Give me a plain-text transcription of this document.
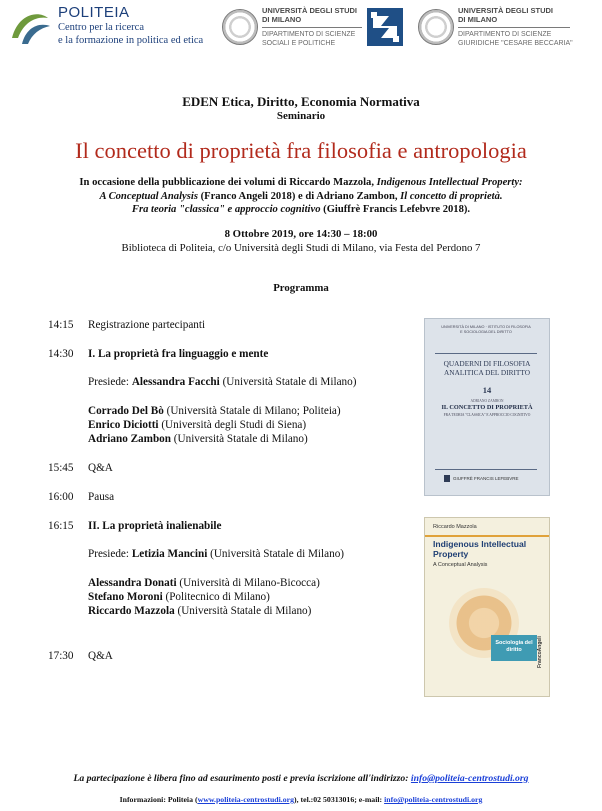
POLITEIA
Centro per la ricerca
e la formazione in politica ed etica
UNIVERSITÀ DEGLI STUDI
DI MILANO
DIPARTIMENTO DI SCIENZE
SOCIALI E POLITICHE
UNIVERSITÀ DEGLI STUDI
DI MILANO
DIPARTIMENTO DI SCIENZE
GIURIDICHE "CESARE BECCARIA"
EDEN Etica, Diritto, Economia Normativa
Seminario
Il concetto di proprietà fra filosofia e antropologia
In occasione della pubblicazione dei volumi di Riccardo Mazzola, Indigenous Intellectual Property:
A Conceptual Analysis (Franco Angeli 2018) e di Adriano Zambon, Il concetto di proprietà.
Fra teoria "classica" e approccio cognitivo (Giuffrè Francis Lefebvre 2018).
8 Ottobre 2019, ore 14:30 – 18:00
Biblioteca di Politeia, c/o Università degli Studi di Milano, via Festa del Perdono 7
Programma
14:15 Registrazione partecipanti
14:30 I. La proprietà fra linguaggio e mente
Presiede: Alessandra Facchi (Università Statale di Milano)
Corrado Del Bò (Università Statale di Milano; Politeia)
Enrico Diciotti (Università degli Studi di Siena)
Adriano Zambon (Università Statale di Milano)
15:45 Q&A
16:00 Pausa
16:15 II. La proprietà inalienabile
Presiede: Letizia Mancini (Università Statale di Milano)
Alessandra Donati (Università di Milano-Bicocca)
Stefano Moroni (Politecnico di Milano)
Riccardo Mazzola (Università Statale di Milano)
17:30 Q&A
UNIVERSITÀ DI MILANO · ISTITUTO DI FILOSOFIA
E SOCIOLOGIA DEL DIRITTO
QUADERNI DI FILOSOFIA ANALITICA DEL DIRITTO
14
ADRIANO ZAMBON
IL CONCETTO DI PROPRIETÀ
FRA TEORIA "CLASSICA" E APPROCCIO COGNITIVO
GIUFFRÈ FRANCIS LEFEBVRE
Riccardo Mazzola
Indigenous Intellectual Property
A Conceptual Analysis
Sociologia del diritto	FrancoAngeli
La partecipazione è libera fino ad esaurimento posti e previa iscrizione all'indirizzo: info@politeia-centrostudi.org
Informazioni: Politeia (www.politeia-centrostudi.org), tel.:02 50313016; e-mail: info@politeia-centrostudi.org
